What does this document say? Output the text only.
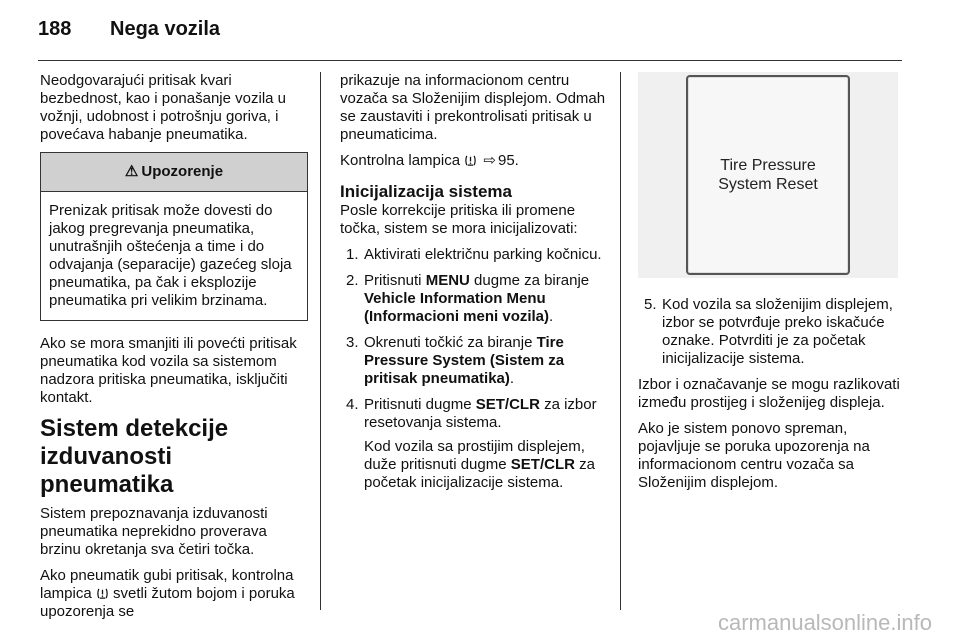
188 Nega vozila

Neodgovarajući pritisak kvari bezbednost, kao i ponašanje vozila u vožnji, udobnost i potrošnju goriva, i povećava habanje pneumatika.

⚠ Upozorenje
Prenizak pritisak može dovesti do jakog pregrevanja pneumatika, unutrašnjih oštećenja a time i do odvajanja (separacije) gazećeg sloja pneumatika, pa čak i eksplozije pneumatika pri velikim brzinama.

Ako se mora smanjiti ili povećti pritisak pneumatika kod vozila sa sistemom nadzora pritiska pneumatika, isključiti kontakt.

Sistem detekcije izduvanosti pneumatika

Sistem prepoznavanja izduvanosti pneumatika neprekidno proverava brzinu okretanja sva četiri točka.

Ako pneumatik gubi pritisak, kontrolna lampica svetli žutom bojom i poruka upozorenja se

prikazuje na informacionom centru vozača sa Složenijim displejom. Odmah se zaustaviti i prekontrolisati pritisak u pneumaticima.

Kontrolna lampica ⇨ 95.

Inicijalizacija sistema

Posle korrekcije pritiska ili promene točka, sistem se mora inicijalizovati:

1. Aktivirati električnu parking kočnicu.
2. Pritisnuti MENU dugme za biranje Vehicle Information Menu (Informacioni meni vozila).
3. Okrenuti točkić za biranje Tire Pressure System (Sistem za pritisak pneumatika).
4. Pritisnuti dugme SET/CLR za izbor resetovanja sistema.
Kod vozila sa prostijim displejem, duže pritisnuti dugme SET/CLR za početak inicijalizacije sistema.
Tire Pressure
System Reset
5. Kod vozila sa složenijim displejem, izbor se potvrđuje preko iskačuće oznake. Potvrditi je za početak inicijalizacije sistema.

Izbor i označavanje se mogu razlikovati između prostijeg i složenijeg displeja.

Ako je sistem ponovo spreman, pojavljuje se poruka upozorenja na informacionom centru vozača sa Složenijim displejom.

carmanualsonline.info
